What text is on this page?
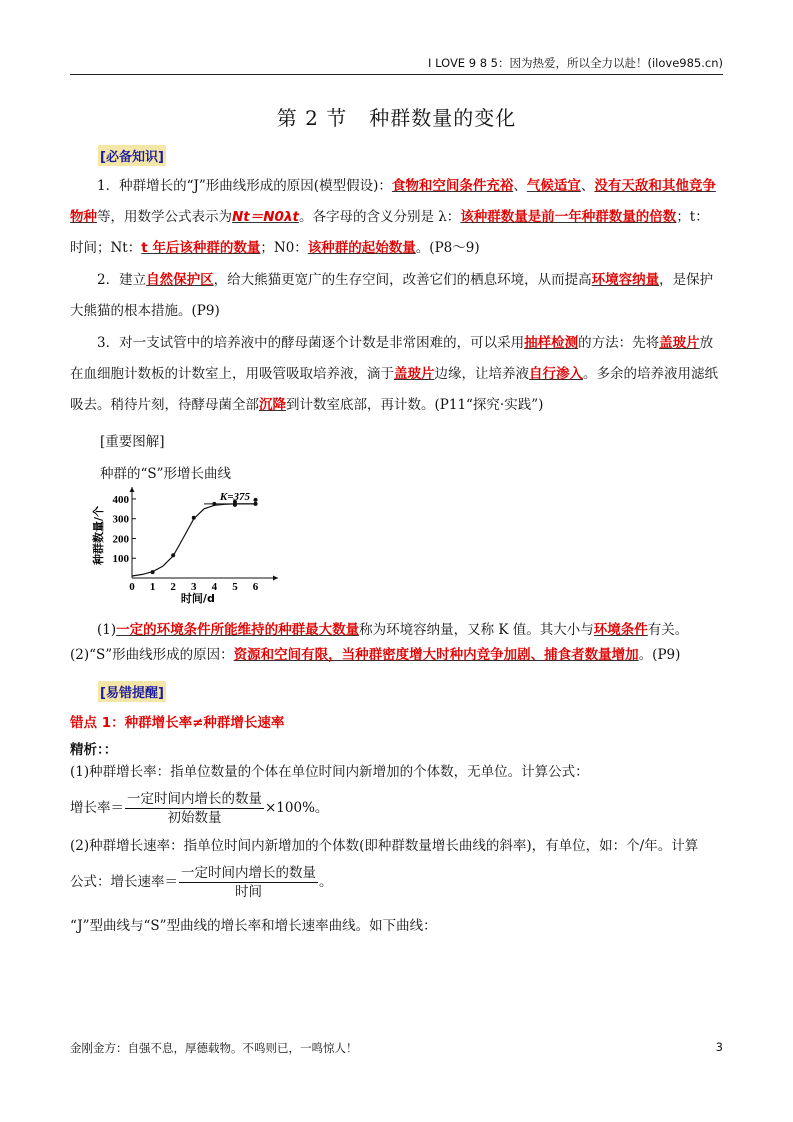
I LOVE 9 8 5：因为热爱，所以全力以赴！(ilove985.cn)
第 2 节 种群数量的变化
[必备知识]
1．种群增长的“J”形曲线形成的原因(模型假设)：食物和空间条件充裕、气候适宜、没有天敌和其他竞争物种等，用数学公式表示为Nt＝N0λt。各字母的含义分别是 λ：该种群数量是前一年种群数量的倍数；t：时间；Nt：t 年后该种群的数量；N0：该种群的起始数量。(P8～9)
2．建立自然保护区，给大熊猫更宽广的生存空间，改善它们的栖息环境，从而提高环境容纳量，是保护大熊猫的根本措施。(P9)
3．对一支试管中的培养液中的酵母菌逐个计数是非常困难的，可以采用抽样检测的方法：先将盖玻片放在血细胞计数板的计数室上，用吸管吸取培养液，滴于盖玻片边缘，让培养液自行渗入。多余的培养液用滤纸吸去。稍待片刻，待酵母菌全部沉降到计数室底部，再计数。(P11“探究·实践”)
[重要图解]
种群的“S”形增长曲线
0 1 2 3 4 5 6
100
200
300
400	K=375
时间/d
种群数量/个
(1)一定的环境条件所能维持的种群最大数量称为环境容纳量，又称 K 值。其大小与环境条件有关。
(2)“S”形曲线形成的原因：资源和空间有限，当种群密度增大时种内竞争加剧、捕食者数量增加。(P9)
[易错提醒]
错点 1：种群增长率≠种群增长速率
精析：：
(1)种群增长率：指单位数量的个体在单位时间内新增加的个体数，无单位。计算公式：
增长率＝ $\frac{\text{一定时间内增长的数量}}{\text{初始数量}} \times 100\%$。
(2)种群增长速率：指单位时间内新增加的个体数(即种群数量增长曲线的斜率)，有单位，如：个/年。计算
公式：增长速率＝ $\frac{\text{一定时间内增长的数量}}{\text{时间}}$ 。
“J”型曲线与“S”型曲线的增长率和增长速率曲线。如下曲线：
金刚金方：自强不息，厚德载物。不鸣则已，一鸣惊人！	3
